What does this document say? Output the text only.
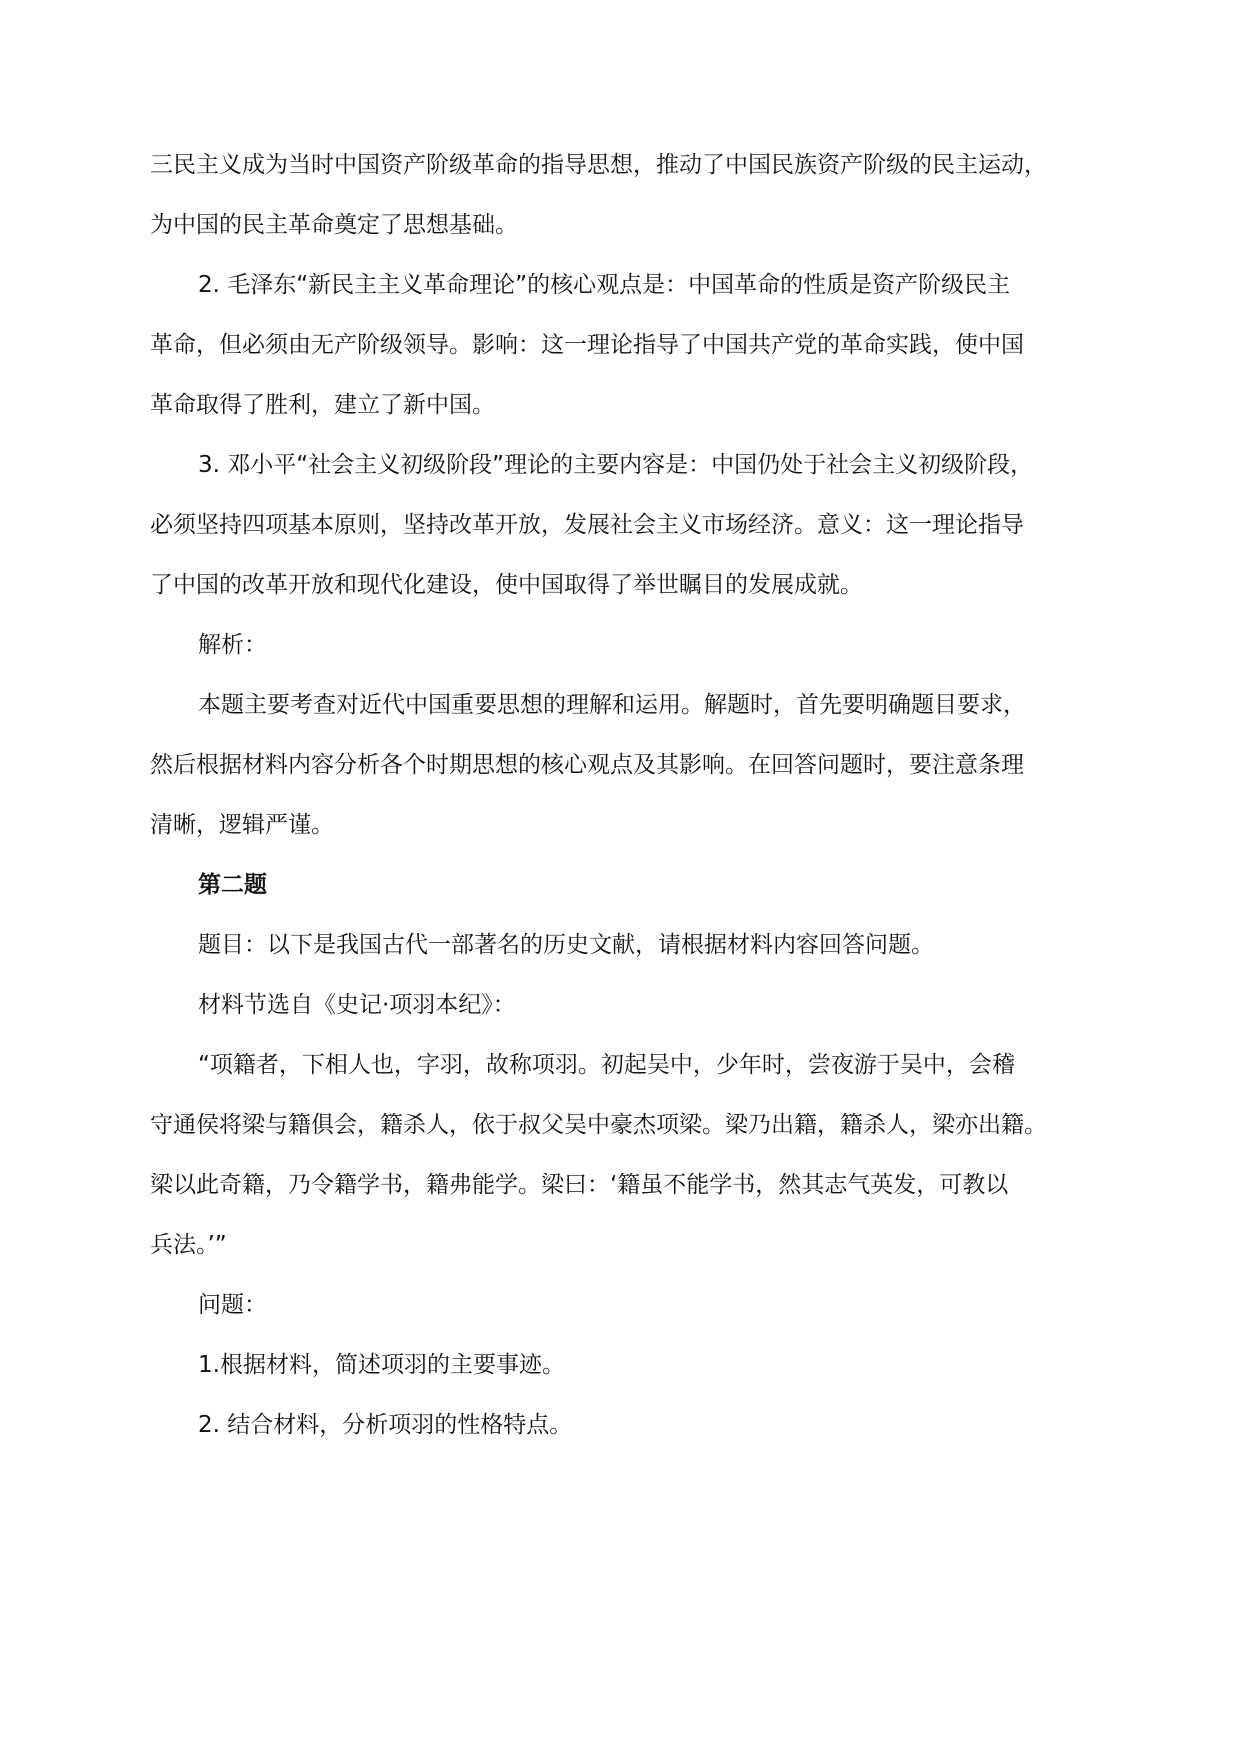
三民主义成为当时中国资产阶级革命的指导思想，推动了中国民族资产阶级的民主运动，
为中国的民主革命奠定了思想基础。
2. 毛泽东“新民主主义革命理论”的核心观点是：中国革命的性质是资产阶级民主
革命，但必须由无产阶级领导。影响：这一理论指导了中国共产党的革命实践，使中国
革命取得了胜利，建立了新中国。
3. 邓小平“社会主义初级阶段”理论的主要内容是：中国仍处于社会主义初级阶段，
必须坚持四项基本原则，坚持改革开放，发展社会主义市场经济。意义：这一理论指导
了中国的改革开放和现代化建设，使中国取得了举世瞩目的发展成就。
解析：
本题主要考查对近代中国重要思想的理解和运用。解题时，首先要明确题目要求，
然后根据材料内容分析各个时期思想的核心观点及其影响。在回答问题时，要注意条理
清晰，逻辑严谨。
第二题
题目：以下是我国古代一部著名的历史文献，请根据材料内容回答问题。
材料节选自《史记·项羽本纪》：
“项籍者，下相人也，字羽，故称项羽。初起吴中，少年时，尝夜游于吴中，会稽
守通侯将梁与籍俱会，籍杀人，依于叔父吴中豪杰项梁。梁乃出籍，籍杀人，梁亦出籍。
梁以此奇籍，乃令籍学书，籍弗能学。梁曰：‘籍虽不能学书，然其志气英发，可教以
兵法。’”
问题：
1.根据材料，简述项羽的主要事迹。
2. 结合材料，分析项羽的性格特点。
